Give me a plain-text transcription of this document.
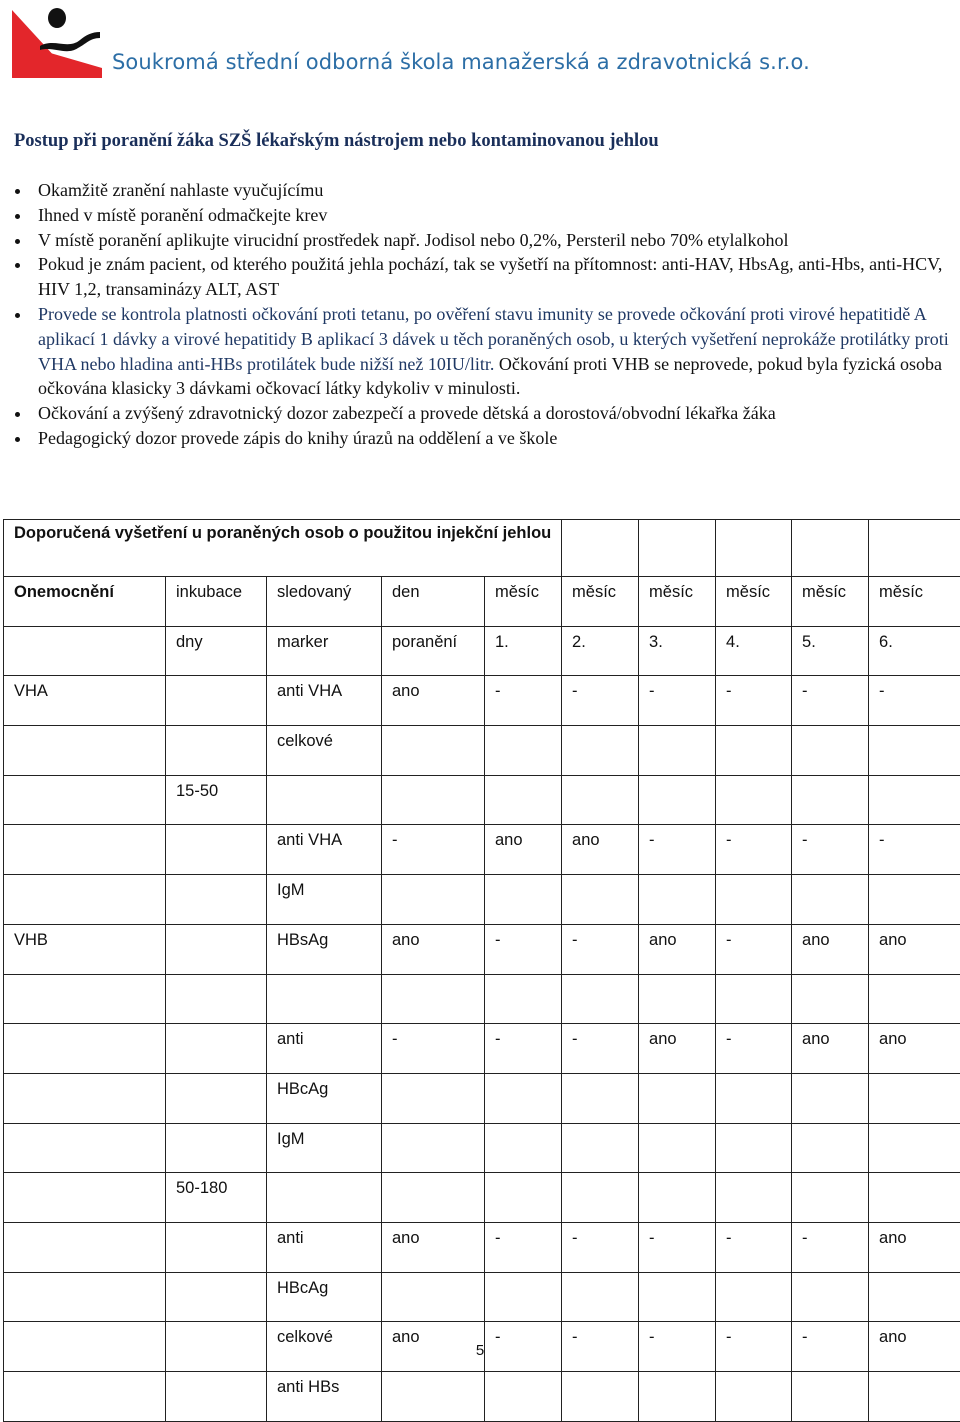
Soukromá střední odborná škola manažerská a zdravotnická s.r.o.
Postup při poranění žáka SZŠ lékařským nástrojem nebo kontaminovanou jehlou
Okamžitě zranění nahlaste vyučujícímu
Ihned v místě poranění odmačkejte krev
V místě poranění aplikujte virucidní prostředek např. Jodisol nebo 0,2%, Persteril nebo 70% etylalkohol
Pokud je znám pacient, od kterého použitá jehla pochází, tak se vyšetří na přítomnost: anti-HAV, HbsAg, anti-Hbs, anti-HCV, HIV 1,2, transaminázy ALT, AST
Provede se kontrola platnosti očkování proti tetanu, po ověření stavu imunity se provede očkování proti virové hepatitidě A aplikací 1 dávky a virové hepatitidy B aplikací 3 dávek u těch poraněných osob, u kterých vyšetření neprokáže protilátky proti VHA nebo hladina anti-HBs protilátek bude nižší než 10IU/litr. Očkování proti VHB se neprovede, pokud byla fyzická osoba očkována klasicky 3 dávkami očkovací látky kdykoliv v minulosti.
Očkování a zvýšený zdravotnický dozor zabezpečí a provede dětská a dorostová/obvodní lékařka žáka
Pedagogický dozor provede zápis do knihy úrazů na oddělení a ve škole
Doporučená vyšetření u poraněných osob o použitou injekční jehlou									
Onemocnění	inkubace	sledovaný	den	měsíc	měsíc	měsíc	měsíc	měsíc	měsíc
	dny	marker	poranění	1.	2.	3.	4.	5.	6.
VHA		anti VHA	ano	-	-	-	-	-	-
		celkové							
	15-50								
		anti VHA	-	ano	ano	-	-	-	-
		IgM							
VHB		HBsAg	ano	-	-	ano	-	ano	ano

		anti	-	-	-	ano	-	ano	ano
		HBcAg							
		IgM							
	50-180								
		anti	ano	-	-	-	-	-	ano
		HBcAg							
		celkové	ano	-	-	-	-	-	ano
		anti HBs							
5
